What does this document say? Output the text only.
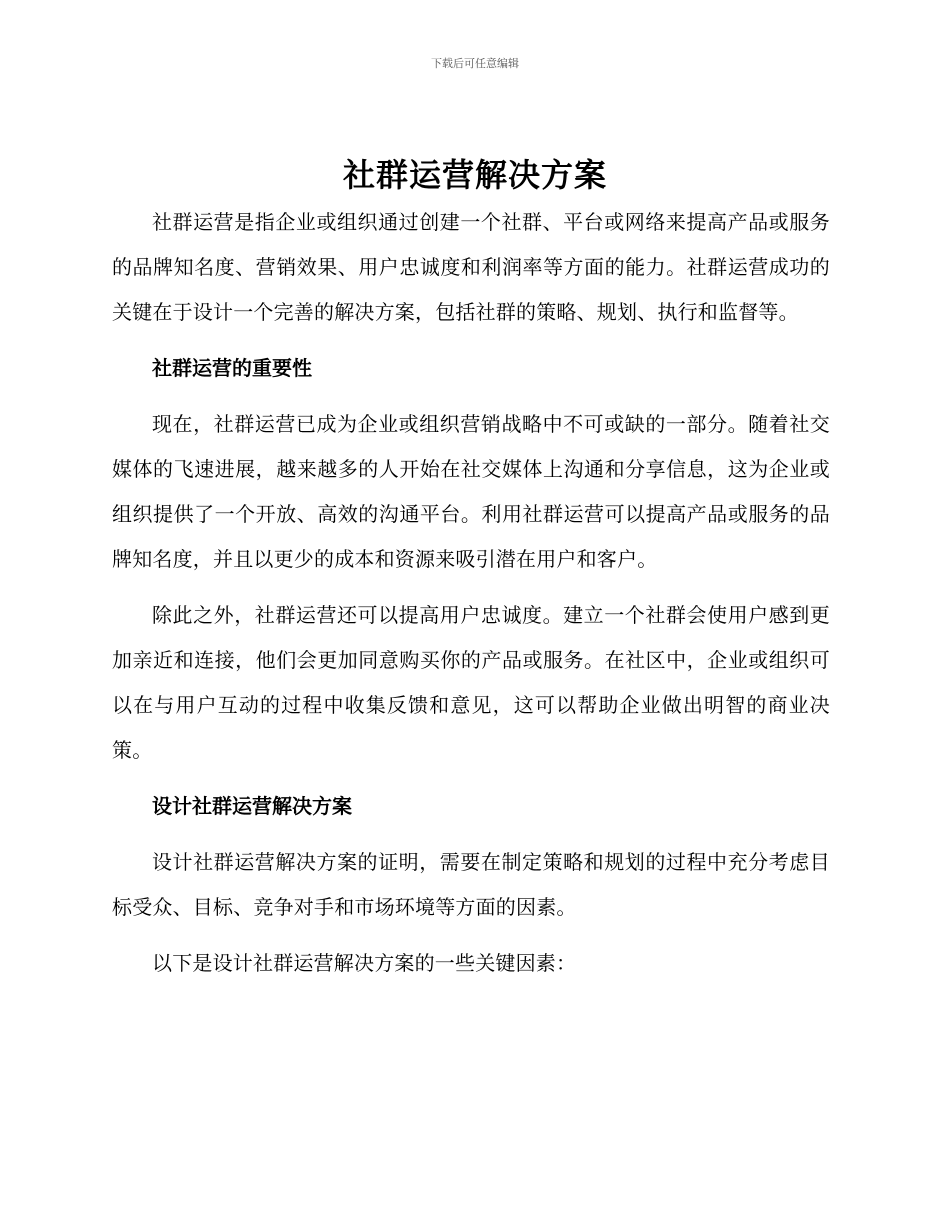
下载后可任意编辑
社群运营解决方案

社群运营是指企业或组织通过创建一个社群、平台或网络来提高产品或服务的品牌知名度、营销效果、用户忠诚度和利润率等方面的能力。社群运营成功的关键在于设计一个完善的解决方案，包括社群的策略、规划、执行和监督等。

社群运营的重要性

现在，社群运营已成为企业或组织营销战略中不可或缺的一部分。随着社交媒体的飞速进展，越来越多的人开始在社交媒体上沟通和分享信息，这为企业或组织提供了一个开放、高效的沟通平台。利用社群运营可以提高产品或服务的品牌知名度，并且以更少的成本和资源来吸引潜在用户和客户。

除此之外，社群运营还可以提高用户忠诚度。建立一个社群会使用户感到更加亲近和连接，他们会更加同意购买你的产品或服务。在社区中，企业或组织可以在与用户互动的过程中收集反馈和意见，这可以帮助企业做出明智的商业决策。

设计社群运营解决方案

设计社群运营解决方案的证明，需要在制定策略和规划的过程中充分考虑目标受众、目标、竞争对手和市场环境等方面的因素。

以下是设计社群运营解决方案的一些关键因素：
